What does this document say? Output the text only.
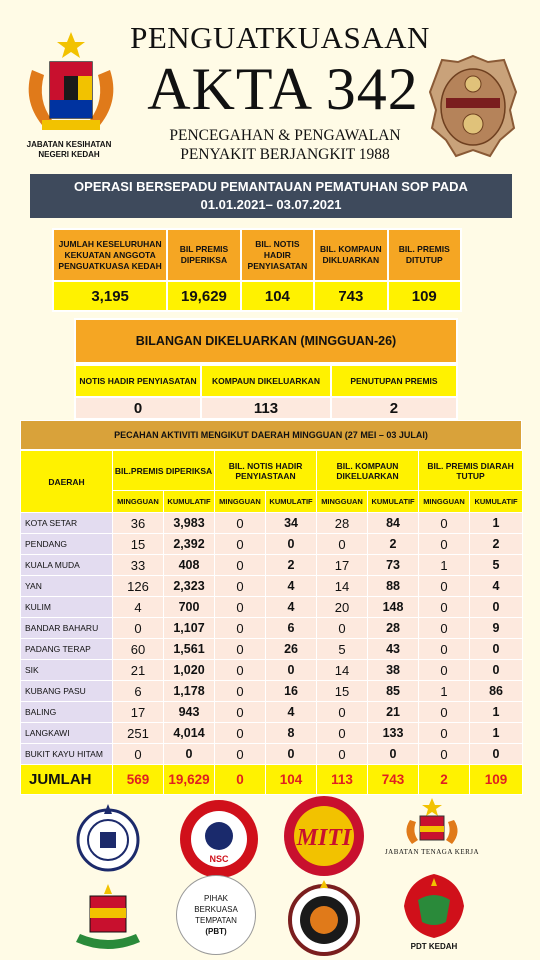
JABATAN KESIHATAN
NEGERI KEDAH
PENGUATKUASAAN
AKTA 342
PENCEGAHAN & PENGAWALAN
PENYAKIT BERJANGKIT 1988
OPERASI BERSEPADU PEMANTAUAN PEMATUHAN SOP PADA
01.01.2021– 03.07.2021
JUMLAH KESELURUHAN KEKUATAN ANGGOTA PENGUATKUASA KEDAH	BIL PREMIS DIPERIKSA	BIL. NOTIS HADIR PENYIASATAN	BIL. KOMPAUN DIKLUARKAN	BIL. PREMIS DITUTUP
3,195	19,629	104	743	109
BILANGAN DIKELUARKAN (MINGGUAN-26)
NOTIS HADIR PENYIASATAN	KOMPAUN DIKELUARKAN	PENUTUPAN PREMIS
0	113	2
PECAHAN AKTIVITI MENGIKUT DAERAH MINGGUAN (27 MEI – 03 JULAI)
DAERAH	BIL.PREMIS DIPERIKSA		BIL. NOTIS HADIR PENYIASTAAN		BIL. KOMPAUN DIKELUARKAN		BIL. PREMIS DIARAH TUTUP	
	MINGGUAN	KUMULATIF	MINGGUAN	KUMULATIF	MINGGUAN	KUMULATIF	MINGGUAN	KUMULATIF
KOTA SETAR	36	3,983	0	34	28	84	0	1
PENDANG	15	2,392	0	0	0	2	0	2
KUALA MUDA	33	408	0	2	17	73	1	5
YAN	126	2,323	0	4	14	88	0	4
KULIM	4	700	0	4	20	148	0	0
BANDAR BAHARU	0	1,107	0	6	0	28	0	9
PADANG TERAP	60	1,561	0	26	5	43	0	0
SIK	21	1,020	0	0	14	38	0	0
KUBANG PASU	6	1,178	0	16	15	85	1	86
BALING	17	943	0	4	0	21	0	1
LANGKAWI	251	4,014	0	8	0	133	0	1
BUKIT KAYU HITAM	0	0	0	0	0	0	0	0
JUMLAH	569	19,629	0	104	113	743	2	109
NSC
MITI
JABATAN TENAGA KERJA
PIHAK
BERKUASA
TEMPATAN
(PBT)
PDT KEDAH
